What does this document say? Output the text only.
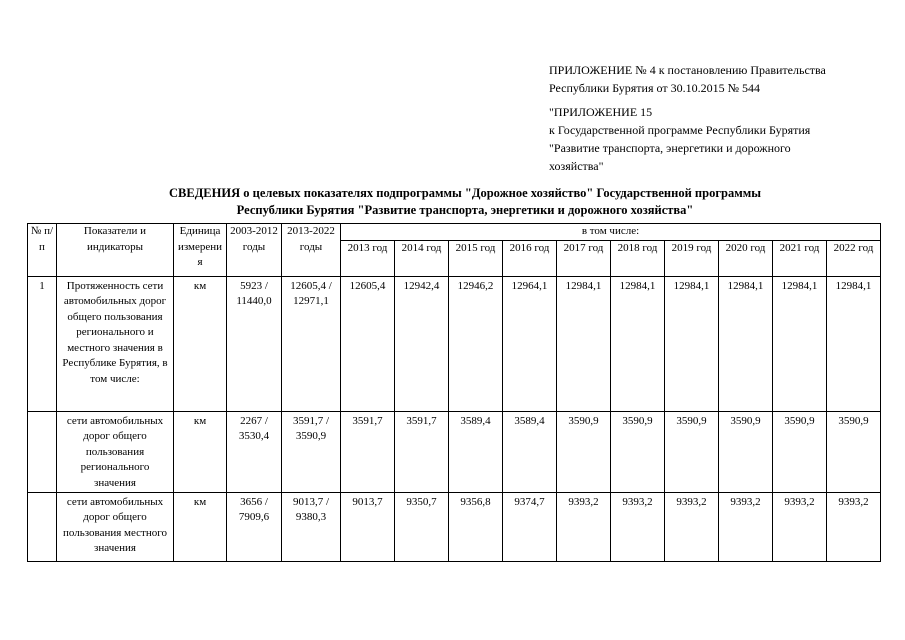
ПРИЛОЖЕНИЕ № 4 к постановлению Правительства

Республики Бурятия от 30.10.2015 № 544

"ПРИЛОЖЕНИЕ 15

к Государственной программе Республики Бурятия

"Развитие транспорта, энергетики и дорожного

хозяйства"

СВЕДЕНИЯ о целевых показателях подпрограммы "Дорожное хозяйство" Государственной программы
Республики Бурятия "Развитие транспорта, энергетики и дорожного хозяйства"
№ п/п	Показатели и индикаторы	Единица измерения	2003-2012 годы	2013-2022 годы	в том числе:									
					2013 год	2014 год	2015 год	2016 год	2017 год	2018 год	2019 год	2020 год	2021 год	2022 год
1	Протяженность сети автомобильных дорог общего пользования регионального и местного значения в Республике Бурятия, в том числе:	км	5923 / 11440,0	12605,4 / 12971,1	12605,4	12942,4	12946,2	12964,1	12984,1	12984,1	12984,1	12984,1	12984,1	12984,1
	сети автомобильных дорог общего пользования регионального значения	км	2267 / 3530,4	3591,7 / 3590,9	3591,7	3591,7	3589,4	3589,4	3590,9	3590,9	3590,9	3590,9	3590,9	3590,9
	сети автомобильных дорог общего пользования местного значения	км	3656 / 7909,6	9013,7 / 9380,3	9013,7	9350,7	9356,8	9374,7	9393,2	9393,2	9393,2	9393,2	9393,2	9393,2
